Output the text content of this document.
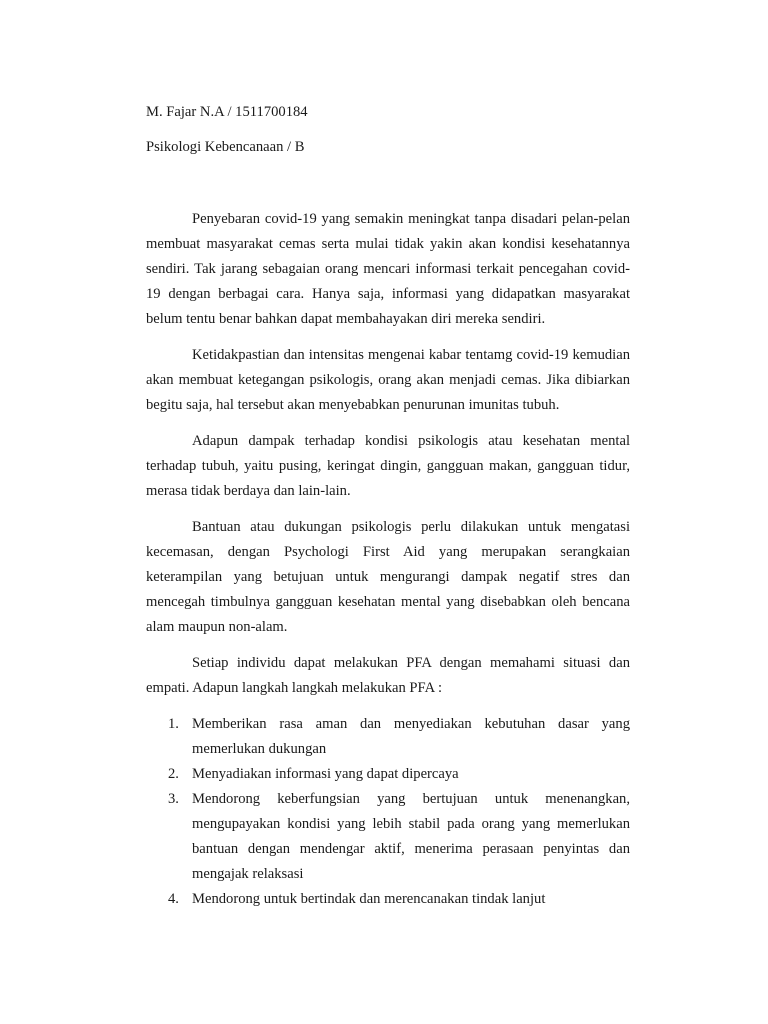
M. Fajar N.A / 1511700184
Psikologi Kebencanaan / B

Penyebaran covid-19 yang semakin meningkat tanpa disadari pelan-pelan membuat masyarakat cemas serta mulai tidak yakin akan kondisi kesehatannya sendiri. Tak jarang sebagaian orang mencari informasi terkait pencegahan covid-19 dengan berbagai cara. Hanya saja, informasi yang didapatkan masyarakat belum tentu benar bahkan dapat membahayakan diri mereka sendiri.

Ketidakpastian dan intensitas mengenai kabar tentamg covid-19 kemudian akan membuat ketegangan psikologis, orang akan menjadi cemas. Jika dibiarkan begitu saja, hal tersebut akan menyebabkan penurunan imunitas tubuh.

Adapun dampak terhadap kondisi psikologis atau kesehatan mental terhadap tubuh, yaitu pusing, keringat dingin, gangguan makan, gangguan tidur, merasa tidak berdaya dan lain-lain.

Bantuan atau dukungan psikologis perlu dilakukan untuk mengatasi kecemasan, dengan Psychologi First Aid yang merupakan serangkaian keterampilan yang betujuan untuk mengurangi dampak negatif stres dan mencegah timbulnya gangguan kesehatan mental yang disebabkan oleh bencana alam maupun non-alam.

Setiap individu dapat melakukan PFA dengan memahami situasi dan empati. Adapun langkah langkah melakukan PFA :

1. Memberikan rasa aman dan menyediakan kebutuhan dasar yang memerlukan dukungan
2. Menyadiakan informasi yang dapat dipercaya
3. Mendorong keberfungsian yang bertujuan untuk menenangkan, mengupayakan kondisi yang lebih stabil pada orang yang memerlukan bantuan dengan mendengar aktif, menerima perasaan penyintas dan mengajak relaksasi
4. Mendorong untuk bertindak dan merencanakan tindak lanjut
